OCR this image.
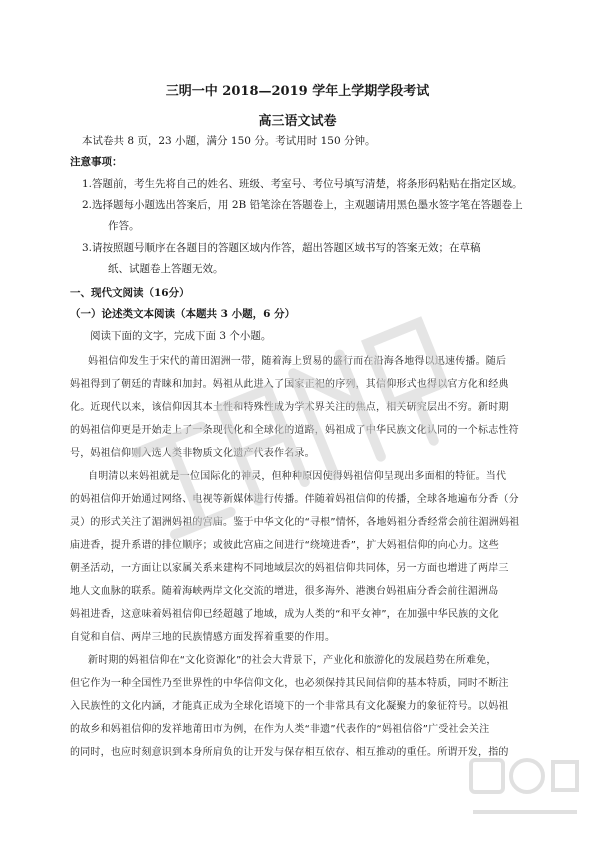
三明一中 2018—2019 学年上学期学段考试
高三语文试卷
本试卷共 8 页，23 小题，满分 150 分。考试用时 150 分钟。
注意事项：
1.答题前，考生先将自己的姓名、班级、考室号、考位号填写清楚，将条形码粘贴在指定区域。
2.选择题每小题选出答案后，用 2B 铅笔涂在答题卷上，主观题请用黑色墨水签字笔在答题卷上
作答。
3.请按照题号顺序在各题目的答题区域内作答，超出答题区域书写的答案无效；在草稿
纸、试题卷上答题无效。
一、现代文阅读（16分）
（一）论述类文本阅读（本题共 3 小题，6 分）
阅读下面的文字，完成下面 3 个小题。
妈祖信仰发生于宋代的莆田湄洲一带，随着海上贸易的盛行而在沿海各地得以迅速传播。随后
妈祖得到了朝廷的青睐和加封。妈祖从此进入了国家正祀的序列，其信仰形式也得以官方化和经典
化。近现代以来，该信仰因其本土性和特殊性成为学术界关注的焦点，相关研究层出不穷。新时期
的妈祖信仰更是开始走上了一条现代化和全球化的道路，妈祖成了中华民族文化认同的一个标志性符
号，妈祖信仰则入选人类非物质文化遗产代表作名录。
自明清以来妈祖就是一位国际化的神灵，但种种原因使得妈祖信仰呈现出多面相的特征。当代
的妈祖信仰开始通过网络、电视等新媒体进行传播。伴随着妈祖信仰的传播，全球各地遍布分香（分
灵）的形式关注了湄洲妈祖的宫庙。鉴于中华文化的“寻根”情怀，各地妈祖分香经常会前往湄洲妈祖
庙进香，提升系谱的排位顺序；或彼此宫庙之间进行“绕境进香”，扩大妈祖信仰的向心力。这些
朝圣活动，一方面让以家属关系来建构不同地域层次的妈祖信仰共同体，另一方面也增进了两岸三
地人文血脉的联系。随着海峡两岸文化交流的增进，很多海外、港澳台妈祖庙分香会前往湄洲岛
妈祖进香，这意味着妈祖信仰已经超越了地域，成为人类的“和平女神”，在加强中华民族的文化
自觉和自信、两岸三地的民族情感方面发挥着重要的作用。
新时期的妈祖信仰在“文化资源化”的社会大背景下，产业化和旅游化的发展趋势在所难免，
但它作为一种全国性乃至世界性的中华信仰文化，也必须保持其民间信仰的基本特质，同时不断注
入民族性的文化内涵，才能真正成为全球化语境下的一个非常具有文化凝聚力的象征符号。以妈祖
的故乡和妈祖信仰的发祥地莆田市为例，在作为人类“非遗”代表作的“妈祖信俗”广受社会关注
的同时，也应时刻意识到本身所肩负的让开发与保存相互依存、相互推动的重任。所谓开发，指的
